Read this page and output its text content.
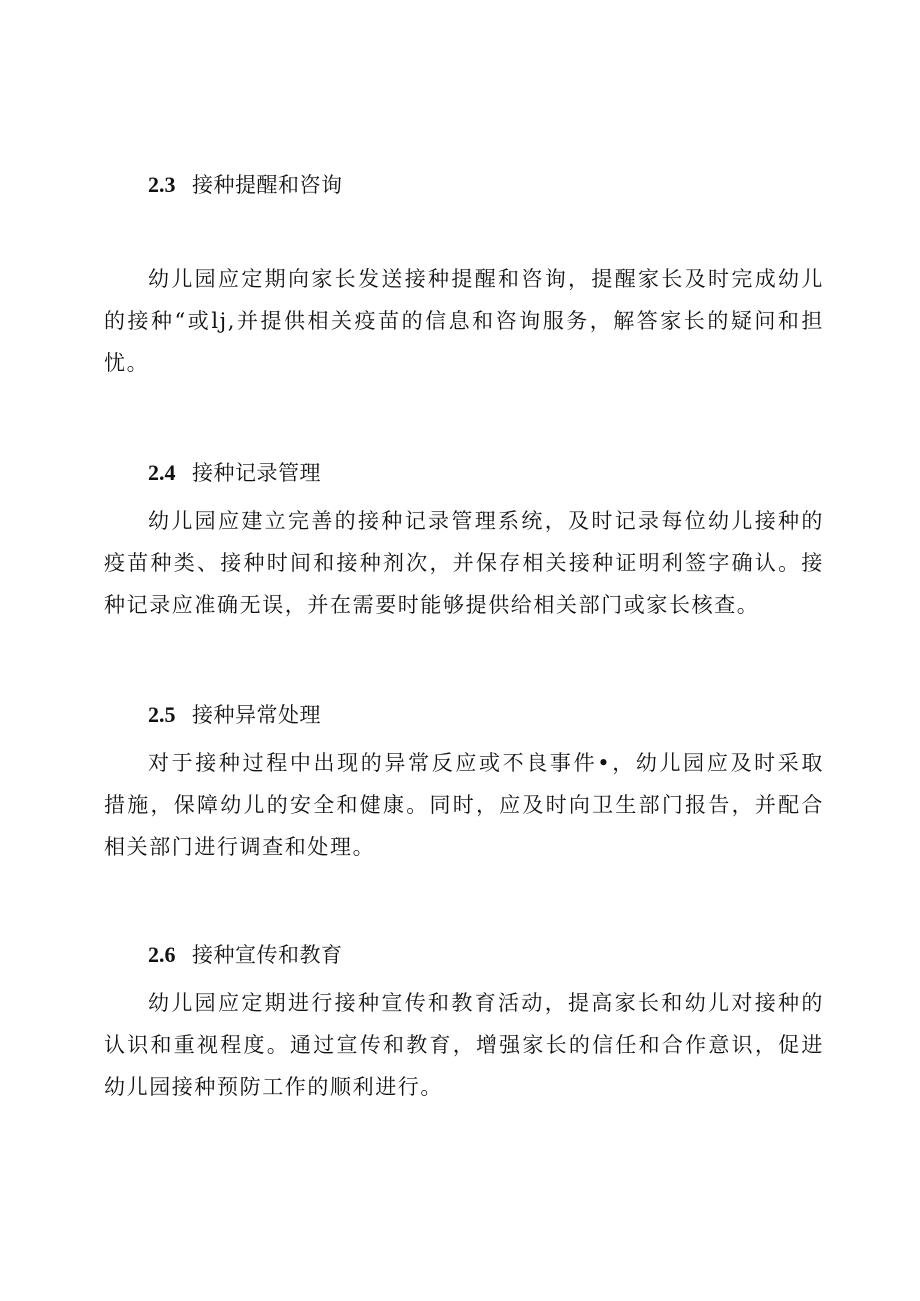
2.3 接种提醒和咨询

幼儿园应定期向家长发送接种提醒和咨询，提醒家长及时完成幼儿
的接种“或lj,并提供相关疫苗的信息和咨询服务，解答家长的疑问和担
忧。

2.4 接种记录管理

幼儿园应建立完善的接种记录管理系统，及时记录每位幼儿接种的
疫苗种类、接种时间和接种剂次，并保存相关接种证明利签字确认。接
种记录应准确无误，并在需要时能够提供给相关部门或家长核查。

2.5 接种异常处理

对于接种过程中出现的异常反应或不良事件•，幼儿园应及时采取
措施，保障幼儿的安全和健康。同时，应及时向卫生部门报告，并配合
相关部门进行调查和处理。

2.6 接种宣传和教育

幼儿园应定期进行接种宣传和教育活动，提高家长和幼儿对接种的
认识和重视程度。通过宣传和教育，增强家长的信任和合作意识，促进
幼儿园接种预防工作的顺利进行。
